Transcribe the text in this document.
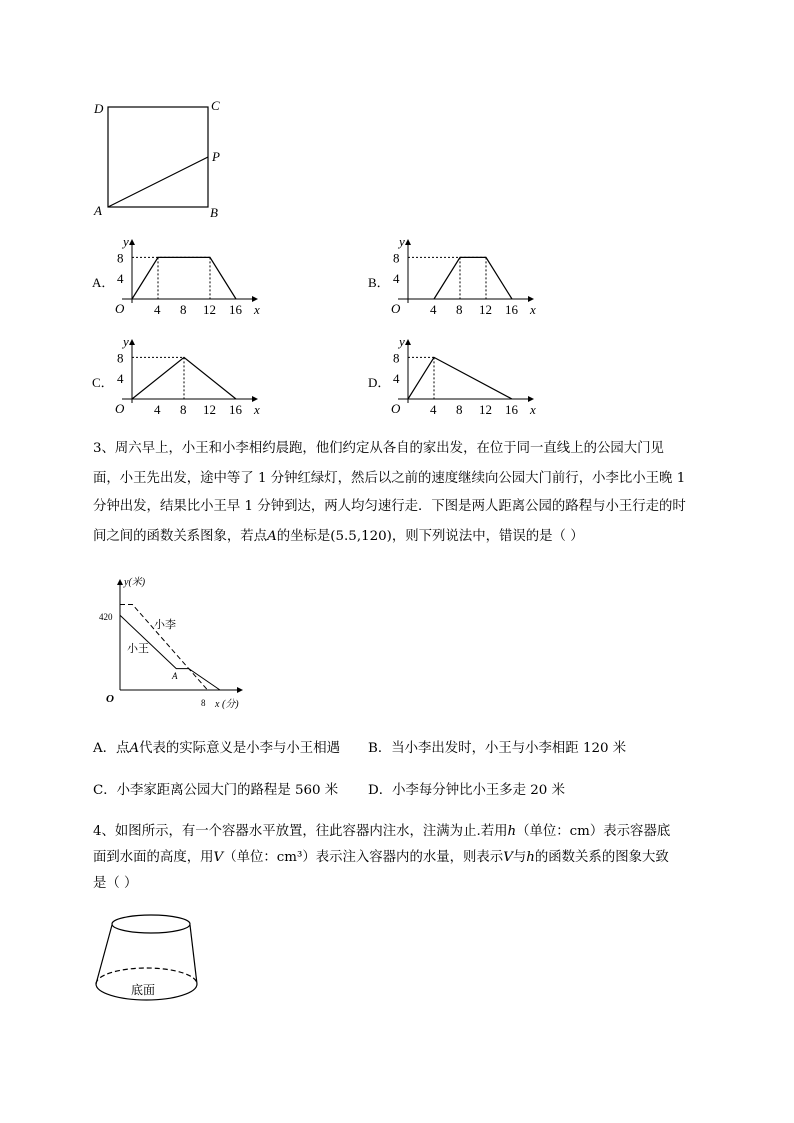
D	C
P
A	B
A．
y
x
O
8
4
4 8 12 16
B．
y
x
O
8
4
4 8 12 16
C．
y
x
O
8
4
4 8 12 16
D．
y
x
O
8
4
4 8 12 16
3、周六早上，小王和小李相约晨跑，他们约定从各自的家出发，在位于同一直线上的公园大门见
面，小王先出发，途中等了 1 分钟红绿灯，然后以之前的速度继续向公园大门前行，小李比小王晚 1
分钟出发，结果比小王早 1 分钟到达，两人均匀速行走．下图是两人距离公园的路程与小王行走的时
间之间的函数关系图象，若点A的坐标是(5.5,120)，则下列说法中，错误的是（ ）
y(米)
x (分)
O
420
8
小李
小王
A
A．点A代表的实际意义是小李与小王相遇 B．当小李出发时，小王与小李相距 120 米
C．小李家距离公园大门的路程是 560 米 D．小李每分钟比小王多走 20 米
4、如图所示，有一个容器水平放置，往此容器内注水，注满为止.若用h（单位：cm）表示容器底
面到水面的高度，用V（单位：cm³）表示注入容器内的水量，则表示V与h的函数关系的图象大致
是（ ）
底面
